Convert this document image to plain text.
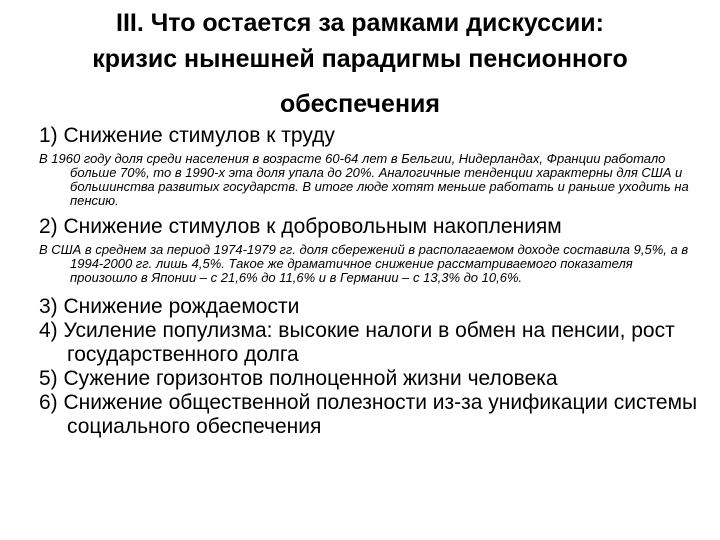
III. Что остается за рамками дискуссии:
кризис нынешней парадигмы пенсионного
обеспечения

1) Снижение стимулов к труду

В 1960 году доля среди населения в возрасте 60-64 лет в Бельгии, Нидерландах, Франции работало больше 70%, то в 1990-х эта доля упала до 20%. Аналогичные тенденции характерны для США и большинства развитых государств. В итоге люде хотят меньше работать и раньше уходить на пенсию.

2) Снижение стимулов к добровольным накоплениям

В США в среднем за период 1974-1979 гг. доля сбережений в располагаемом доходе составила 9,5%, а в 1994-2000 гг. лишь 4,5%. Такое же драматичное снижение рассматриваемого показателя произошло в Японии – с 21,6% до 11,6% и в Германии – с 13,3% до 10,6%.

3) Снижение рождаемости

4) Усиление популизма: высокие налоги в обмен на пенсии, рост государственного долга

5) Сужение горизонтов полноценной жизни человека

6) Снижение общественной полезности из-за унификации системы социального обеспечения
